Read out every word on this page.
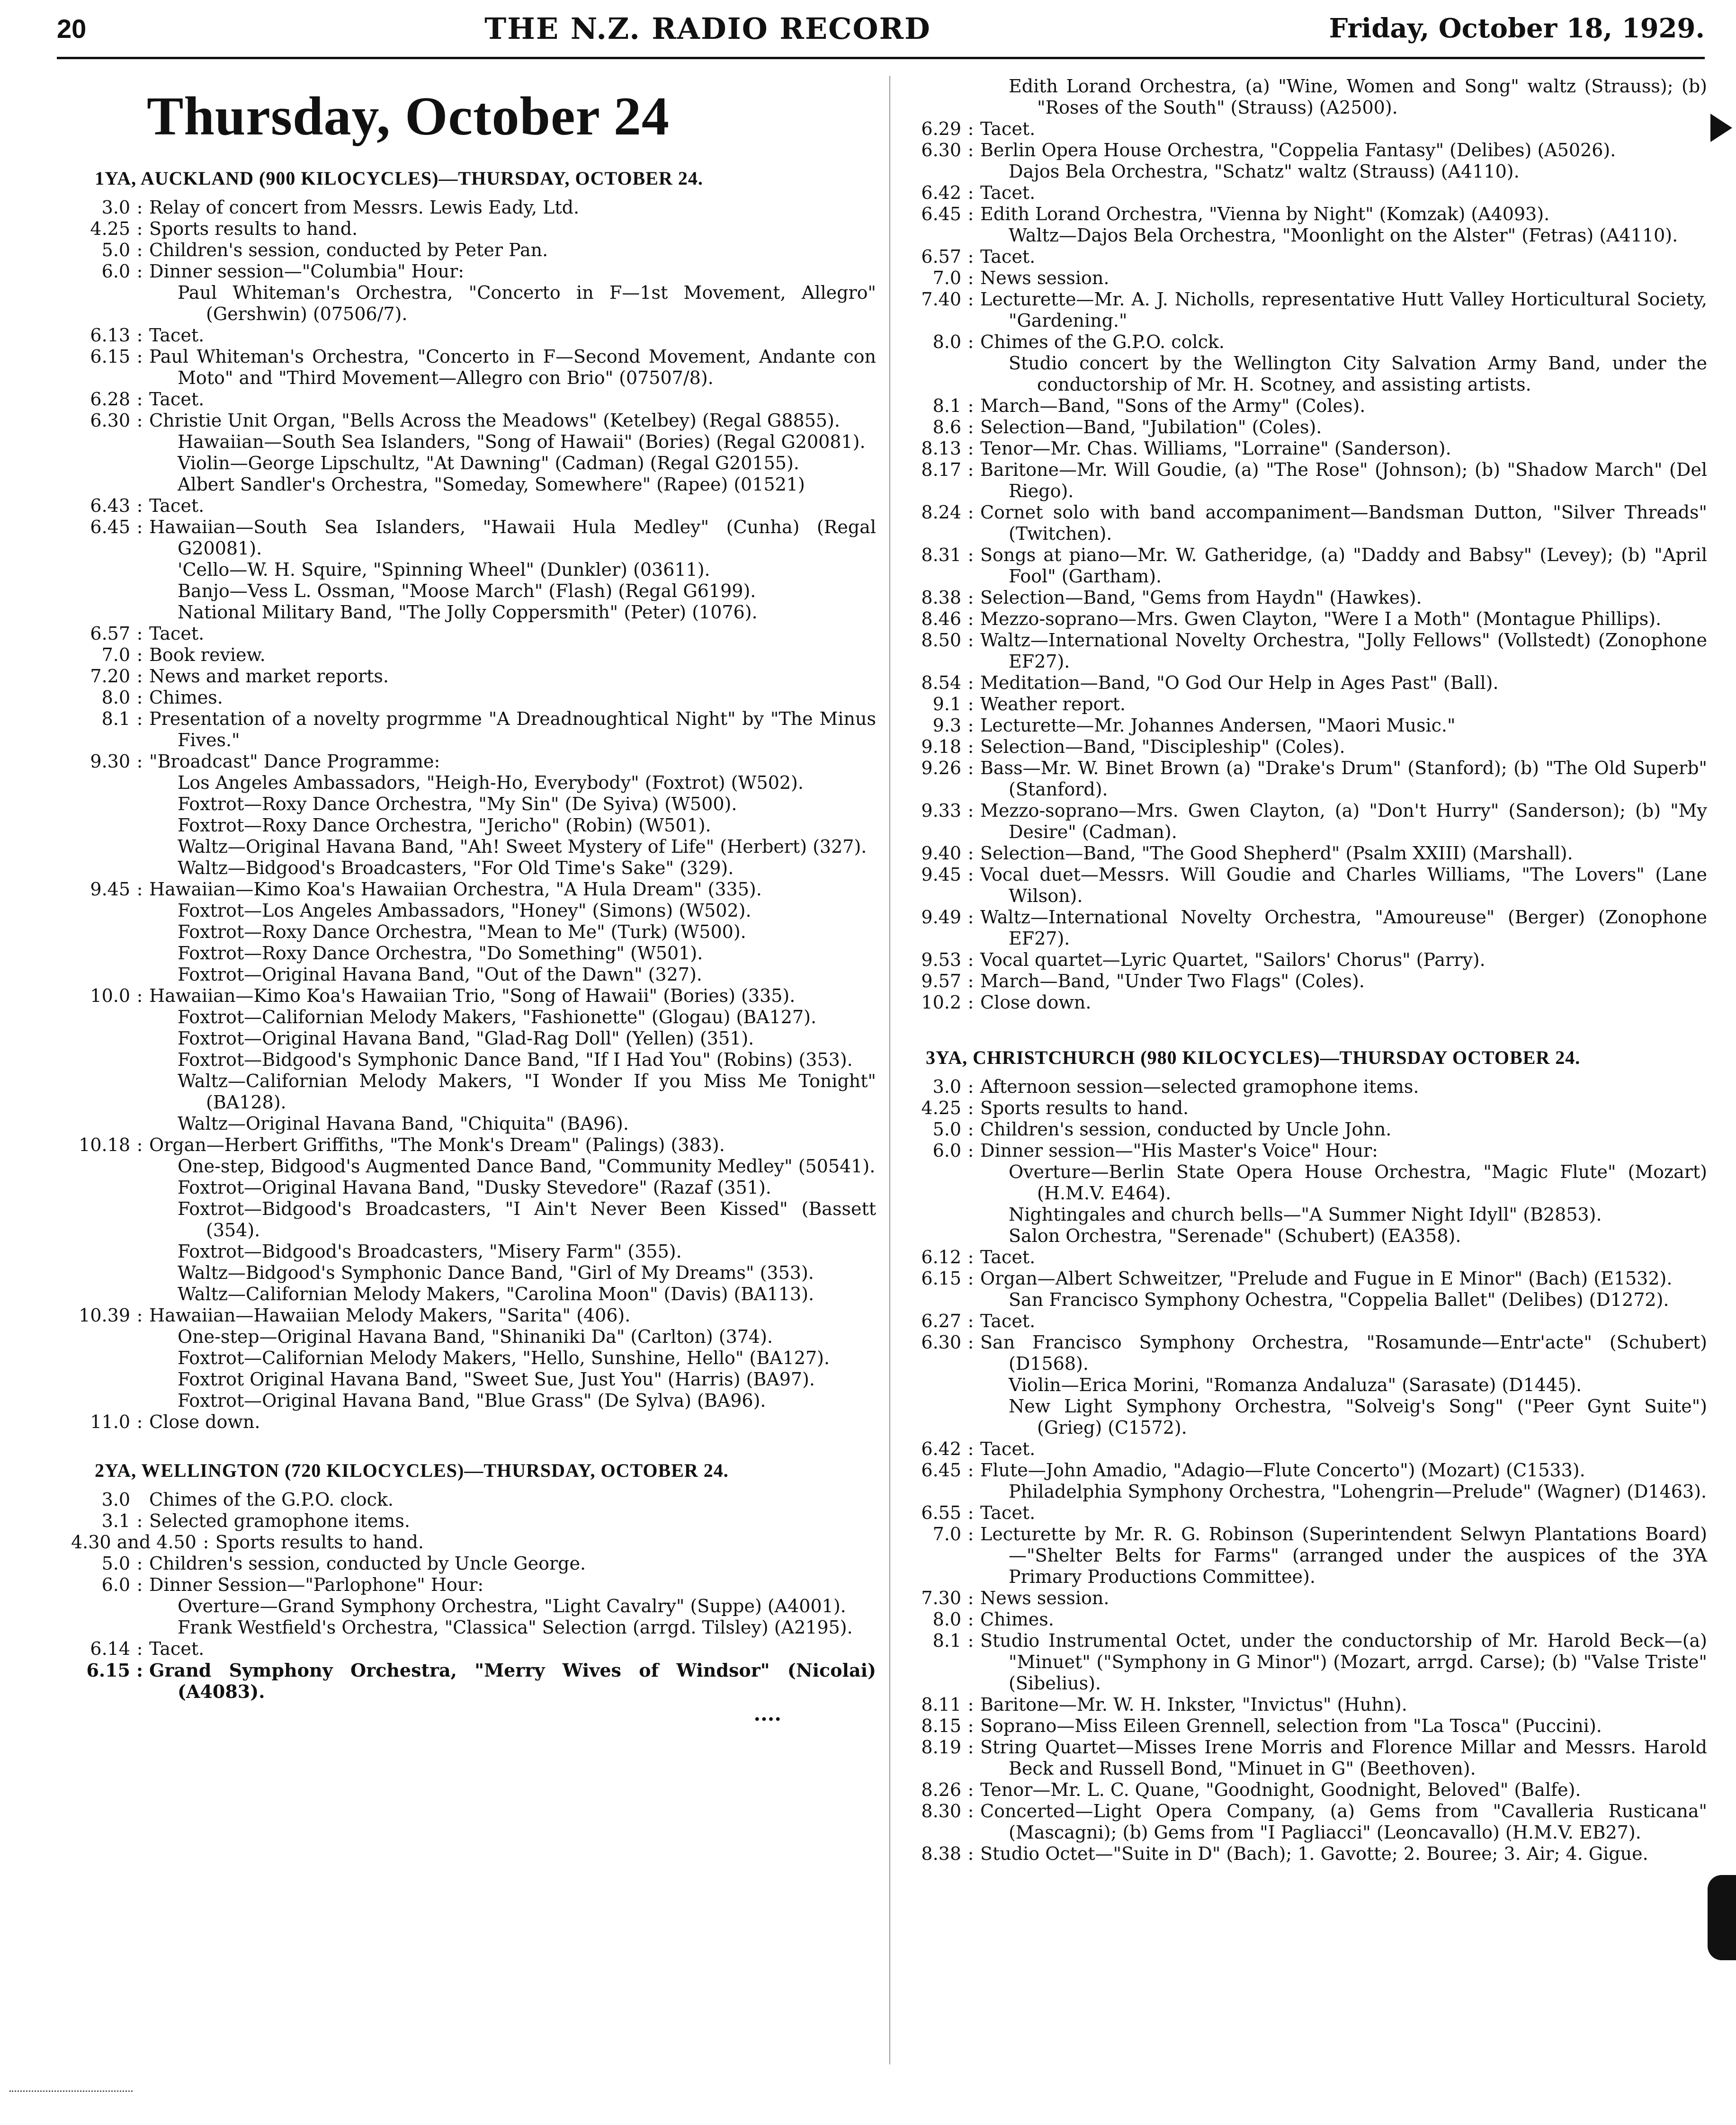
20	THE N.Z. RADIO RECORD	Friday, October 18, 1929.
Thursday, October 24
1YA, AUCKLAND (900 KILOCYCLES)—THURSDAY, OCTOBER 24.
3.0 : Relay of concert from Messrs. Lewis Eady, Ltd.
4.25 : Sports results to hand.
5.0 : Children's session, conducted by Peter Pan.
6.0 : Dinner session—"Columbia" Hour:
Paul Whiteman's Orchestra, "Concerto in F—1st Movement, Allegro" (Gershwin) (07506/7).
6.13 : Tacet.
6.15 : Paul Whiteman's Orchestra, "Concerto in F—Second Movement, Andante con Moto" and "Third Movement—Allegro con Brio" (07507/8).
6.28 : Tacet.
6.30 : Christie Unit Organ, "Bells Across the Meadows" (Ketelbey) (Regal G8855).
Hawaiian—South Sea Islanders, "Song of Hawaii" (Bories) (Regal G20081).
Violin—George Lipschultz, "At Dawning" (Cadman) (Regal G20155).
Albert Sandler's Orchestra, "Someday, Somewhere" (Rapee) (01521)
6.43 : Tacet.
6.45 : Hawaiian—South Sea Islanders, "Hawaii Hula Medley" (Cunha) (Regal G20081).
'Cello—W. H. Squire, "Spinning Wheel" (Dunkler) (03611).
Banjo—Vess L. Ossman, "Moose March" (Flash) (Regal G6199).
National Military Band, "The Jolly Coppersmith" (Peter) (1076).
6.57 : Tacet.
7.0 : Book review.
7.20 : News and market reports.
8.0 : Chimes.
8.1 : Presentation of a novelty progrmme "A Dreadnoughtical Night" by "The Minus Fives."
9.30 : "Broadcast" Dance Programme:
Los Angeles Ambassadors, "Heigh-Ho, Everybody" (Foxtrot) (W502).
Foxtrot—Roxy Dance Orchestra, "My Sin" (De Syiva) (W500).
Foxtrot—Roxy Dance Orchestra, "Jericho" (Robin) (W501).
Waltz—Original Havana Band, "Ah! Sweet Mystery of Life" (Herbert) (327).
Waltz—Bidgood's Broadcasters, "For Old Time's Sake" (329).
9.45 : Hawaiian—Kimo Koa's Hawaiian Orchestra, "A Hula Dream" (335).
Foxtrot—Los Angeles Ambassadors, "Honey" (Simons) (W502).
Foxtrot—Roxy Dance Orchestra, "Mean to Me" (Turk) (W500).
Foxtrot—Roxy Dance Orchestra, "Do Something" (W501).
Foxtrot—Original Havana Band, "Out of the Dawn" (327).
10.0 : Hawaiian—Kimo Koa's Hawaiian Trio, "Song of Hawaii" (Bories) (335).
Foxtrot—Californian Melody Makers, "Fashionette" (Glogau) (BA127).
Foxtrot—Original Havana Band, "Glad-Rag Doll" (Yellen) (351).
Foxtrot—Bidgood's Symphonic Dance Band, "If I Had You" (Robins) (353).
Waltz—Californian Melody Makers, "I Wonder If you Miss Me Tonight" (BA128).
Waltz—Original Havana Band, "Chiquita" (BA96).
10.18 : Organ—Herbert Griffiths, "The Monk's Dream" (Palings) (383).
One-step, Bidgood's Augmented Dance Band, "Community Medley" (50541).
Foxtrot—Original Havana Band, "Dusky Stevedore" (Razaf (351).
Foxtrot—Bidgood's Broadcasters, "I Ain't Never Been Kissed" (Bassett (354).
Foxtrot—Bidgood's Broadcasters, "Misery Farm" (355).
Waltz—Bidgood's Symphonic Dance Band, "Girl of My Dreams" (353).
Waltz—Californian Melody Makers, "Carolina Moon" (Davis) (BA113).
10.39 : Hawaiian—Hawaiian Melody Makers, "Sarita" (406).
One-step—Original Havana Band, "Shinaniki Da" (Carlton) (374).
Foxtrot—Californian Melody Makers, "Hello, Sunshine, Hello" (BA127).
Foxtrot Original Havana Band, "Sweet Sue, Just You" (Harris) (BA97).
Foxtrot—Original Havana Band, "Blue Grass" (De Sylva) (BA96).
11.0 : Close down.
2YA, WELLINGTON (720 KILOCYCLES)—THURSDAY, OCTOBER 24.
3.0 Chimes of the G.P.O. clock.
3.1 : Selected gramophone items.
4.30 and 4.50 : Sports results to hand.
5.0 : Children's session, conducted by Uncle George.
6.0 : Dinner Session—"Parlophone" Hour:
Overture—Grand Symphony Orchestra, "Light Cavalry" (Suppe) (A4001).
Frank Westfield's Orchestra, "Classica" Selection (arrgd. Tilsley) (A2195).
6.14 : Tacet.
6.15 : Grand Symphony Orchestra, "Merry Wives of Windsor" (Nicolai) (A4083).
....
Edith Lorand Orchestra, (a) "Wine, Women and Song" waltz (Strauss); (b) "Roses of the South" (Strauss) (A2500).
6.29 : Tacet.
6.30 : Berlin Opera House Orchestra, "Coppelia Fantasy" (Delibes) (A5026).
Dajos Bela Orchestra, "Schatz" waltz (Strauss) (A4110).
6.42 : Tacet.
6.45 : Edith Lorand Orchestra, "Vienna by Night" (Komzak) (A4093).
Waltz—Dajos Bela Orchestra, "Moonlight on the Alster" (Fetras) (A4110).
6.57 : Tacet.
7.0 : News session.
7.40 : Lecturette—Mr. A. J. Nicholls, representative Hutt Valley Horticultural Society, "Gardening."
8.0 : Chimes of the G.P.O. colck.
Studio concert by the Wellington City Salvation Army Band, under the conductorship of Mr. H. Scotney, and assisting artists.
8.1 : March—Band, "Sons of the Army" (Coles).
8.6 : Selection—Band, "Jubilation" (Coles).
8.13 : Tenor—Mr. Chas. Williams, "Lorraine" (Sanderson).
8.17 : Baritone—Mr. Will Goudie, (a) "The Rose" (Johnson); (b) "Shadow March" (Del Riego).
8.24 : Cornet solo with band accompaniment—Bandsman Dutton, "Silver Threads" (Twitchen).
8.31 : Songs at piano—Mr. W. Gatheridge, (a) "Daddy and Babsy" (Levey); (b) "April Fool" (Gartham).
8.38 : Selection—Band, "Gems from Haydn" (Hawkes).
8.46 : Mezzo-soprano—Mrs. Gwen Clayton, "Were I a Moth" (Montague Phillips).
8.50 : Waltz—International Novelty Orchestra, "Jolly Fellows" (Vollstedt) (Zonophone EF27).
8.54 : Meditation—Band, "O God Our Help in Ages Past" (Ball).
9.1 : Weather report.
9.3 : Lecturette—Mr. Johannes Andersen, "Maori Music."
9.18 : Selection—Band, "Discipleship" (Coles).
9.26 : Bass—Mr. W. Binet Brown (a) "Drake's Drum" (Stanford); (b) "The Old Superb" (Stanford).
9.33 : Mezzo-soprano—Mrs. Gwen Clayton, (a) "Don't Hurry" (Sanderson); (b) "My Desire" (Cadman).
9.40 : Selection—Band, "The Good Shepherd" (Psalm XXIII) (Marshall).
9.45 : Vocal duet—Messrs. Will Goudie and Charles Williams, "The Lovers" (Lane Wilson).
9.49 : Waltz—International Novelty Orchestra, "Amoureuse" (Berger) (Zonophone EF27).
9.53 : Vocal quartet—Lyric Quartet, "Sailors' Chorus" (Parry).
9.57 : March—Band, "Under Two Flags" (Coles).
10.2 : Close down.
3YA, CHRISTCHURCH (980 KILOCYCLES)—THURSDAY OCTOBER 24.
3.0 : Afternoon session—selected gramophone items.
4.25 : Sports results to hand.
5.0 : Children's session, conducted by Uncle John.
6.0 : Dinner session—"His Master's Voice" Hour:
Overture—Berlin State Opera House Orchestra, "Magic Flute" (Mozart) (H.M.V. E464).
Nightingales and church bells—"A Summer Night Idyll" (B2853).
Salon Orchestra, "Serenade" (Schubert) (EA358).
6.12 : Tacet.
6.15 : Organ—Albert Schweitzer, "Prelude and Fugue in E Minor" (Bach) (E1532).
San Francisco Symphony Ochestra, "Coppelia Ballet" (Delibes) (D1272).
6.27 : Tacet.
6.30 : San Francisco Symphony Orchestra, "Rosamunde—Entr'acte" (Schubert) (D1568).
Violin—Erica Morini, "Romanza Andaluza" (Sarasate) (D1445).
New Light Symphony Orchestra, "Solveig's Song" ("Peer Gynt Suite") (Grieg) (C1572).
6.42 : Tacet.
6.45 : Flute—John Amadio, "Adagio—Flute Concerto") (Mozart) (C1533).
Philadelphia Symphony Orchestra, "Lohengrin—Prelude" (Wagner) (D1463).
6.55 : Tacet.
7.0 : Lecturette by Mr. R. G. Robinson (Superintendent Selwyn Plantations Board)—"Shelter Belts for Farms" (arranged under the auspices of the 3YA Primary Productions Committee).
7.30 : News session.
8.0 : Chimes.
8.1 : Studio Instrumental Octet, under the conductorship of Mr. Harold Beck—(a) "Minuet" ("Symphony in G Minor") (Mozart, arrgd. Carse); (b) "Valse Triste" (Sibelius).
8.11 : Baritone—Mr. W. H. Inkster, "Invictus" (Huhn).
8.15 : Soprano—Miss Eileen Grennell, selection from "La Tosca" (Puccini).
8.19 : String Quartet—Misses Irene Morris and Florence Millar and Messrs. Harold Beck and Russell Bond, "Minuet in G" (Beethoven).
8.26 : Tenor—Mr. L. C. Quane, "Goodnight, Goodnight, Beloved" (Balfe).
8.30 : Concerted—Light Opera Company, (a) Gems from "Cavalleria Rusticana" (Mascagni); (b) Gems from "I Pagliacci" (Leoncavallo) (H.M.V. EB27).
8.38 : Studio Octet—"Suite in D" (Bach); 1. Gavotte; 2. Bouree; 3. Air; 4. Gigue.
